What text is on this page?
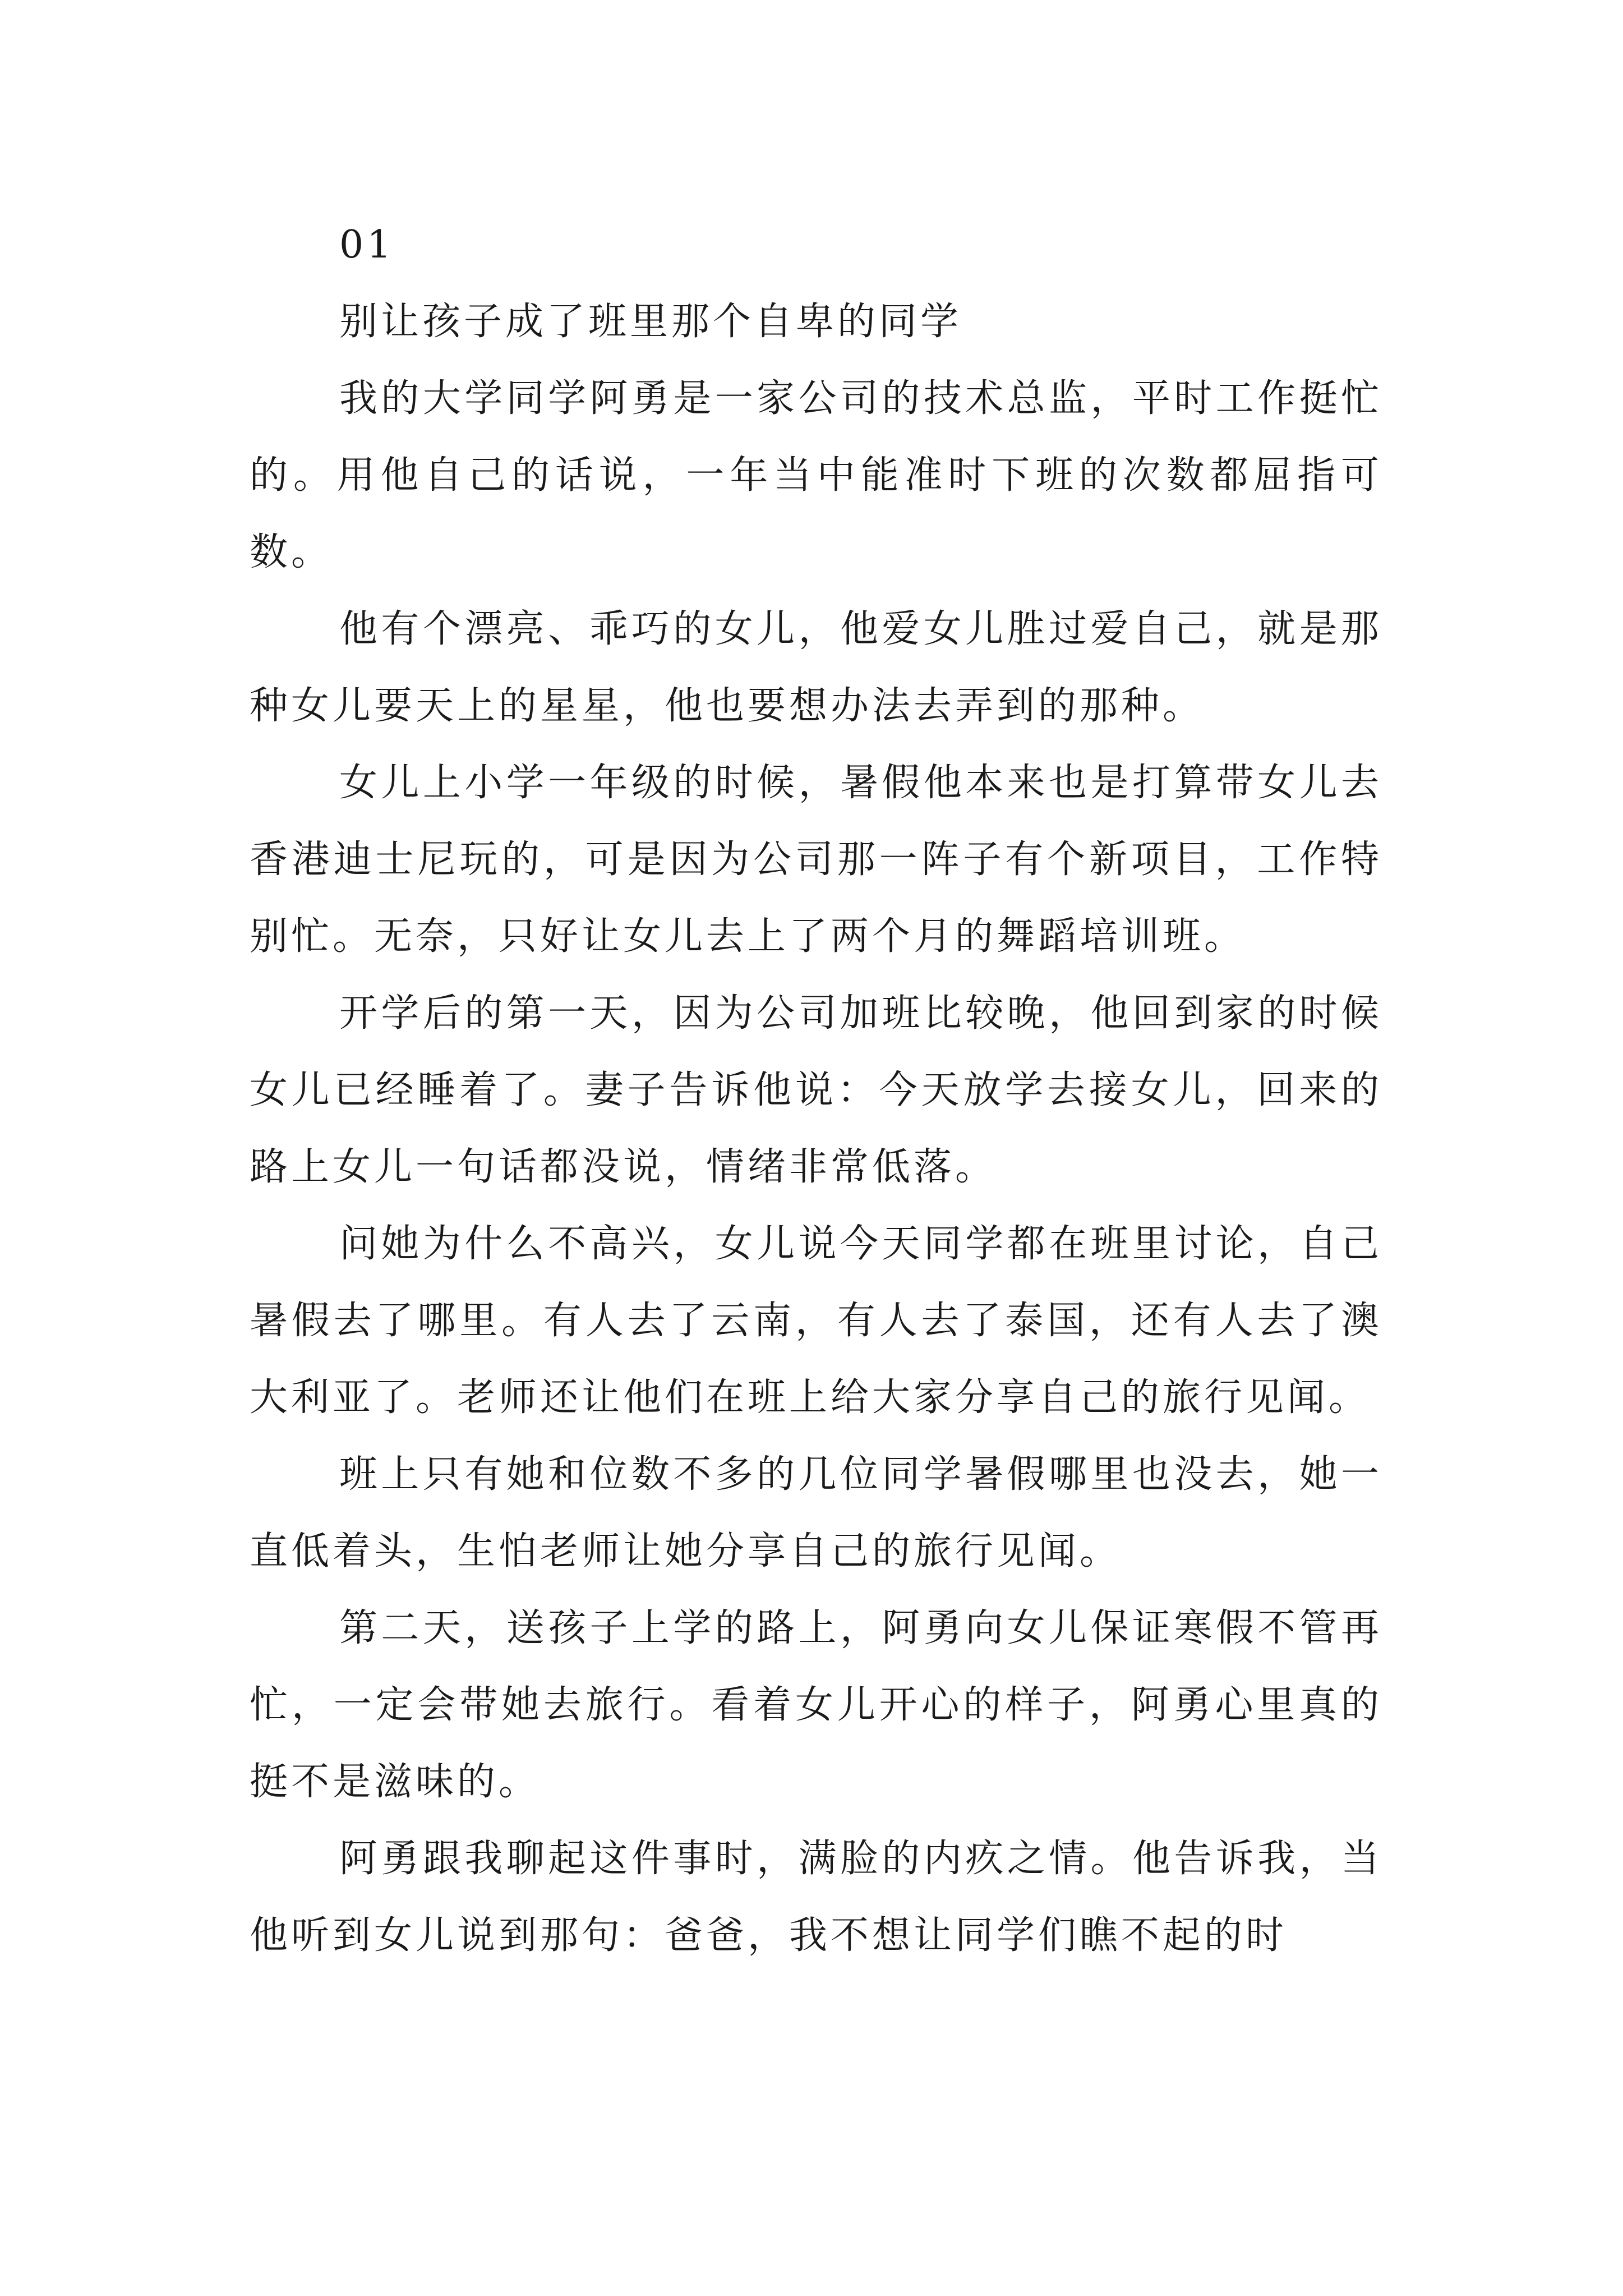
01

别让孩子成了班里那个自卑的同学

我的大学同学阿勇是一家公司的技术总监，平时工作挺忙的。用他自己的话说，一年当中能准时下班的次数都屈指可数。

他有个漂亮、乖巧的女儿，他爱女儿胜过爱自己，就是那种女儿要天上的星星，他也要想办法去弄到的那种。

女儿上小学一年级的时候，暑假他本来也是打算带女儿去香港迪士尼玩的，可是因为公司那一阵子有个新项目，工作特别忙。无奈，只好让女儿去上了两个月的舞蹈培训班。

开学后的第一天，因为公司加班比较晚，他回到家的时候女儿已经睡着了。妻子告诉他说：今天放学去接女儿，回来的路上女儿一句话都没说，情绪非常低落。

问她为什么不高兴，女儿说今天同学都在班里讨论，自己暑假去了哪里。有人去了云南，有人去了泰国，还有人去了澳大利亚了。老师还让他们在班上给大家分享自己的旅行见闻。

班上只有她和位数不多的几位同学暑假哪里也没去，她一直低着头，生怕老师让她分享自己的旅行见闻。

第二天，送孩子上学的路上，阿勇向女儿保证寒假不管再忙，一定会带她去旅行。看着女儿开心的样子，阿勇心里真的挺不是滋味的。

阿勇跟我聊起这件事时，满脸的内疚之情。他告诉我，当他听到女儿说到那句：爸爸，我不想让同学们瞧不起的时
